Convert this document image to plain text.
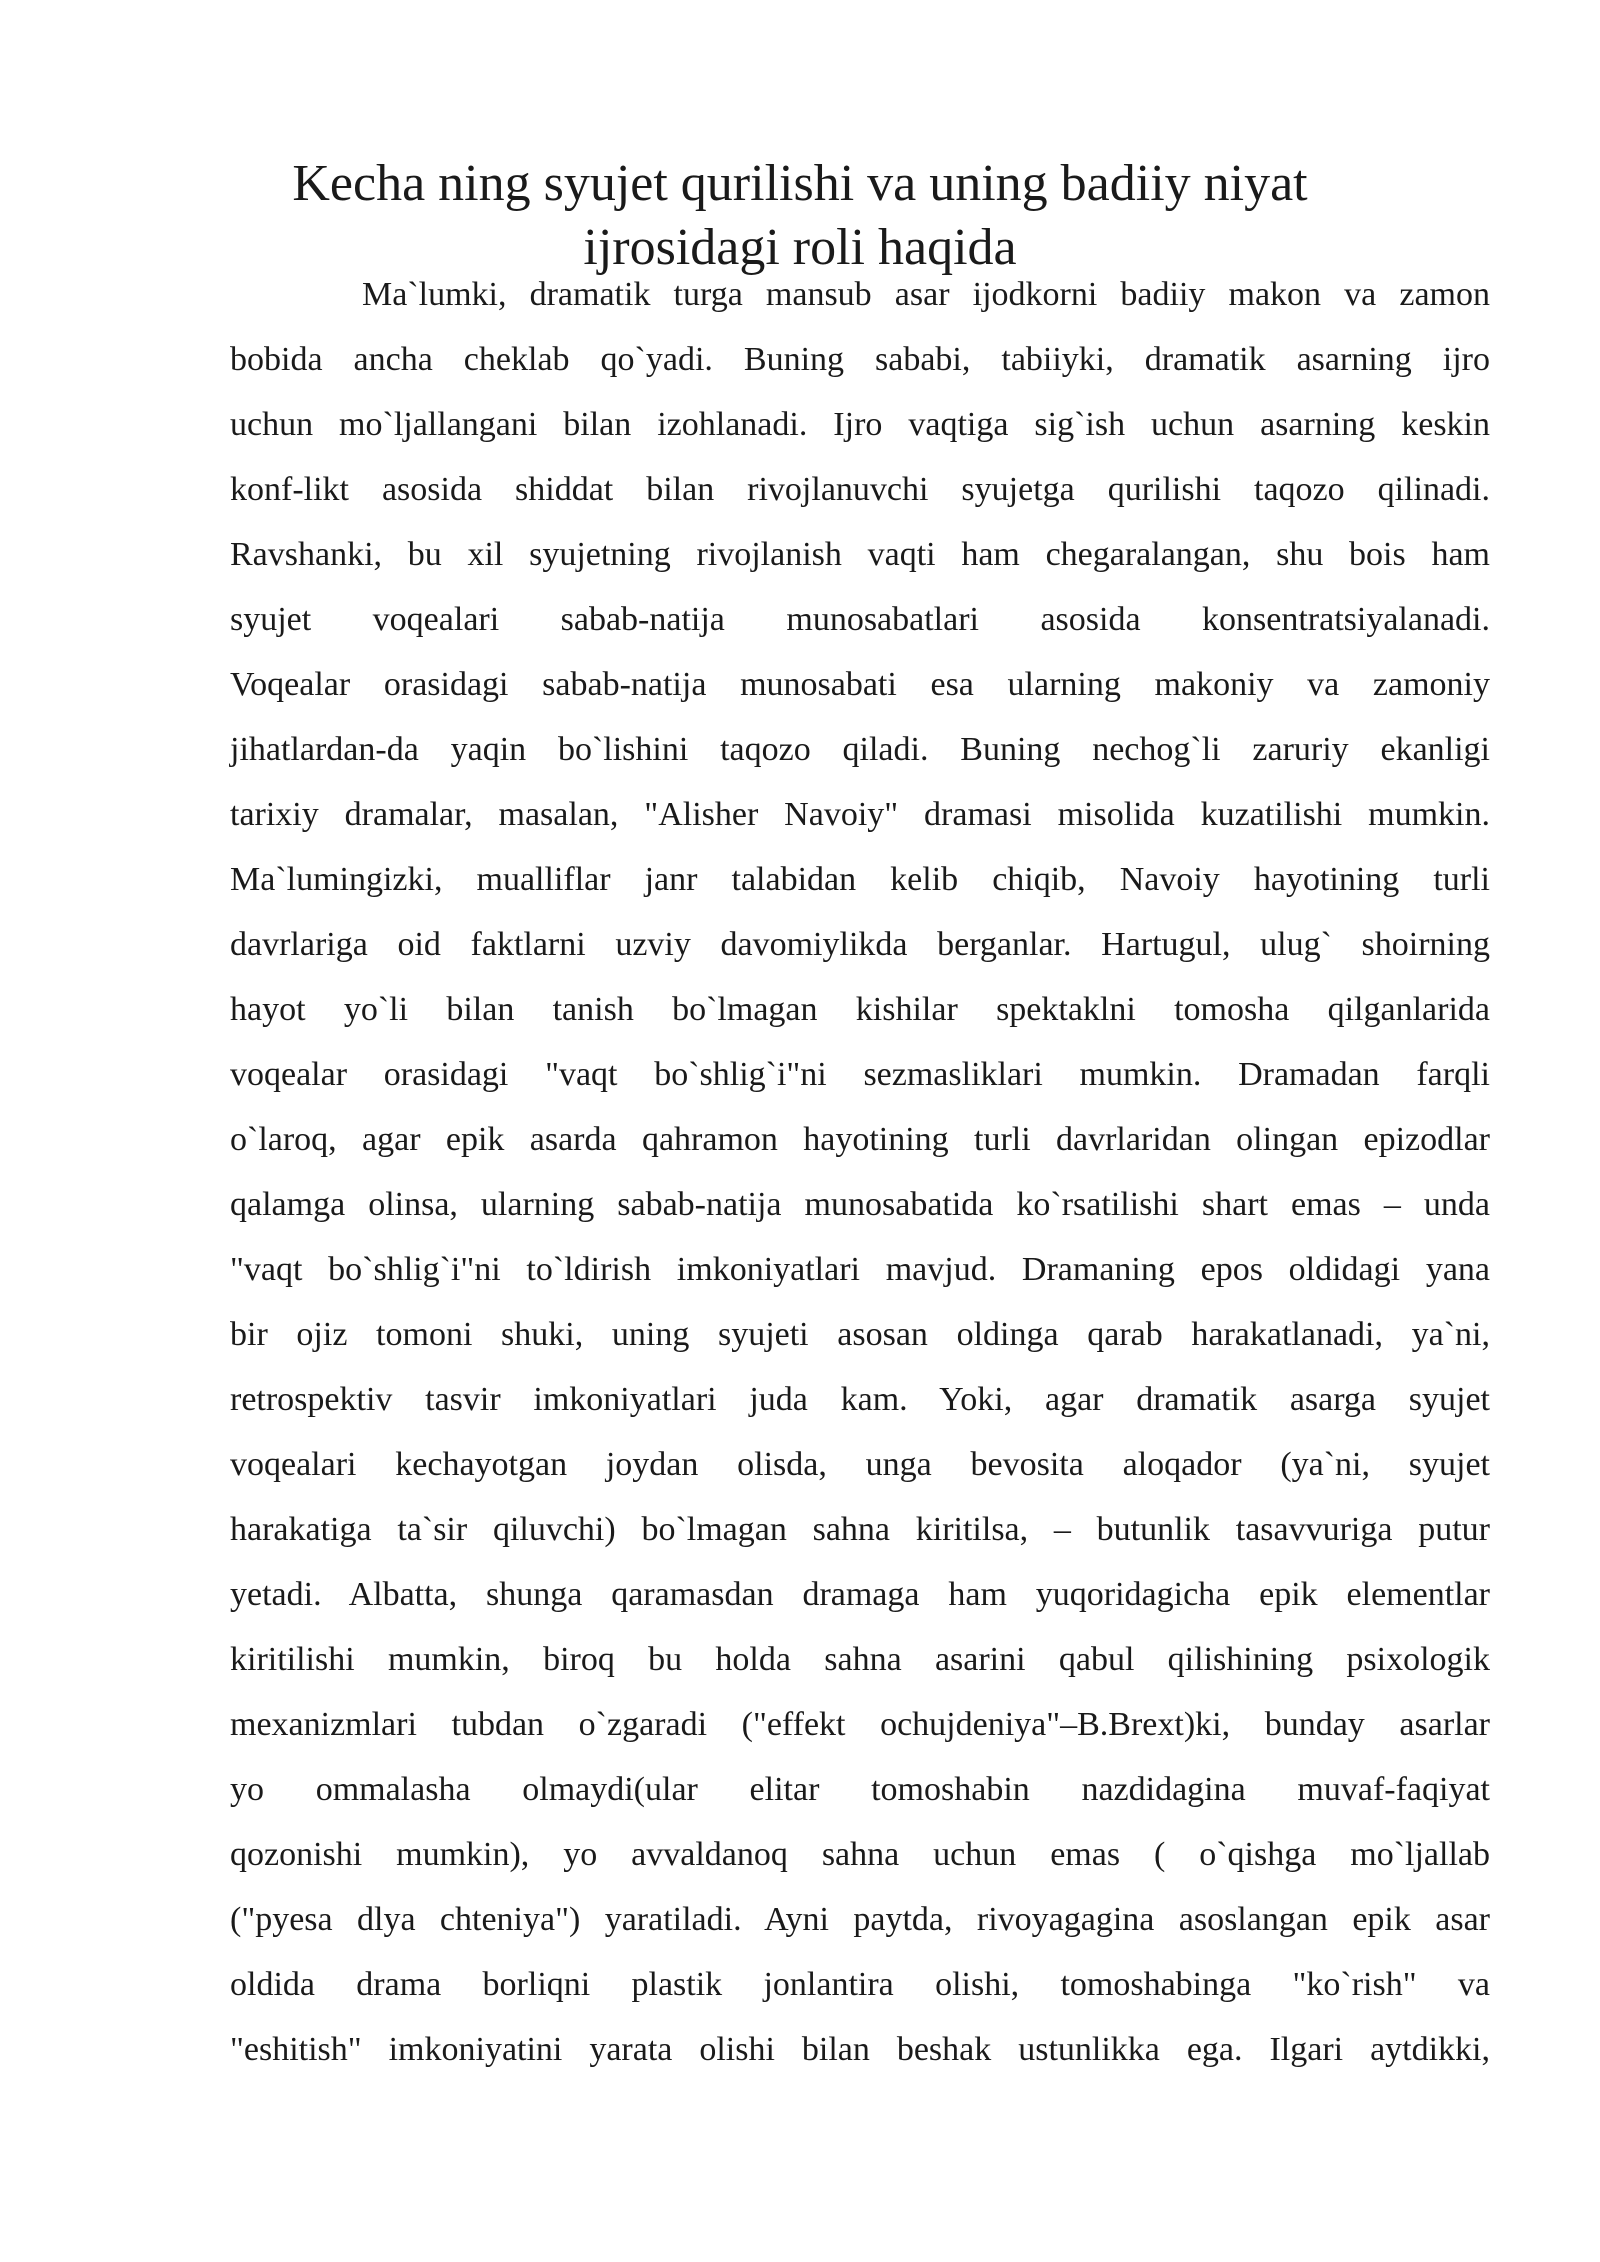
Kecha ning syujet qurilishi va uning badiiy niyat
ijrosidagi roli haqida
Ma`lumki, dramatik turga mansub asar ijodkorni badiiy makon va zamon
bobida ancha cheklab qo`yadi. Buning sababi, tabiiyki, dramatik asarning ijro
uchun mo`ljallangani bilan izohlanadi. Ijro vaqtiga sig`ish uchun asarning keskin
konf-likt asosida shiddat bilan rivojlanuvchi syujetga qurilishi taqozo qilinadi.
Ravshanki, bu xil syujetning rivojlanish vaqti ham chegaralangan, shu bois ham
syujet voqealari sabab-natija munosabatlari asosida konsentratsiyalanadi.
Voqealar orasidagi sabab-natija munosabati esa ularning makoniy va zamoniy
jihatlardan-da yaqin bo`lishini taqozo qiladi. Buning nechog`li zaruriy ekanligi
tarixiy dramalar, masalan, "Alisher Navoiy" dramasi misolida kuzatilishi mumkin.
Ma`lumingizki, mualliflar janr talabidan kelib chiqib, Navoiy hayotining turli
davrlariga oid faktlarni uzviy davomiylikda berganlar. Hartugul, ulug` shoirning
hayot yo`li bilan tanish bo`lmagan kishilar spektaklni tomosha qilganlarida
voqealar orasidagi "vaqt bo`shlig`i"ni sezmasliklari mumkin. Dramadan farqli
o`laroq, agar epik asarda qahramon hayotining turli davrlaridan olingan epizodlar
qalamga olinsa, ularning sabab-natija munosabatida ko`rsatilishi shart emas – unda
"vaqt bo`shlig`i"ni to`ldirish imkoniyatlari mavjud. Dramaning epos oldidagi yana
bir ojiz tomoni shuki, uning syujeti asosan oldinga qarab harakatlanadi, ya`ni,
retrospektiv tasvir imkoniyatlari juda kam. Yoki, agar dramatik asarga syujet
voqealari kechayotgan joydan olisda, unga bevosita aloqador (ya`ni, syujet
harakatiga ta`sir qiluvchi) bo`lmagan sahna kiritilsa, – butunlik tasavvuriga putur
yetadi. Albatta, shunga qaramasdan dramaga ham yuqoridagicha epik elementlar
kiritilishi mumkin, biroq bu holda sahna asarini qabul qilishining psixologik
mexanizmlari tubdan o`zgaradi ("effekt ochujdeniya"–B.Brext)ki, bunday asarlar
yo ommalasha olmaydi(ular elitar tomoshabin nazdidagina muvaf-faqiyat
qozonishi mumkin), yo avvaldanoq sahna uchun emas ( o`qishga mo`ljallab
("pyesa dlya chteniya") yaratiladi. Ayni paytda, rivoyagagina asoslangan epik asar
oldida drama borliqni plastik jonlantira olishi, tomoshabinga "ko`rish" va
"eshitish" imkoniyatini yarata olishi bilan beshak ustunlikka ega. Ilgari aytdikki,
